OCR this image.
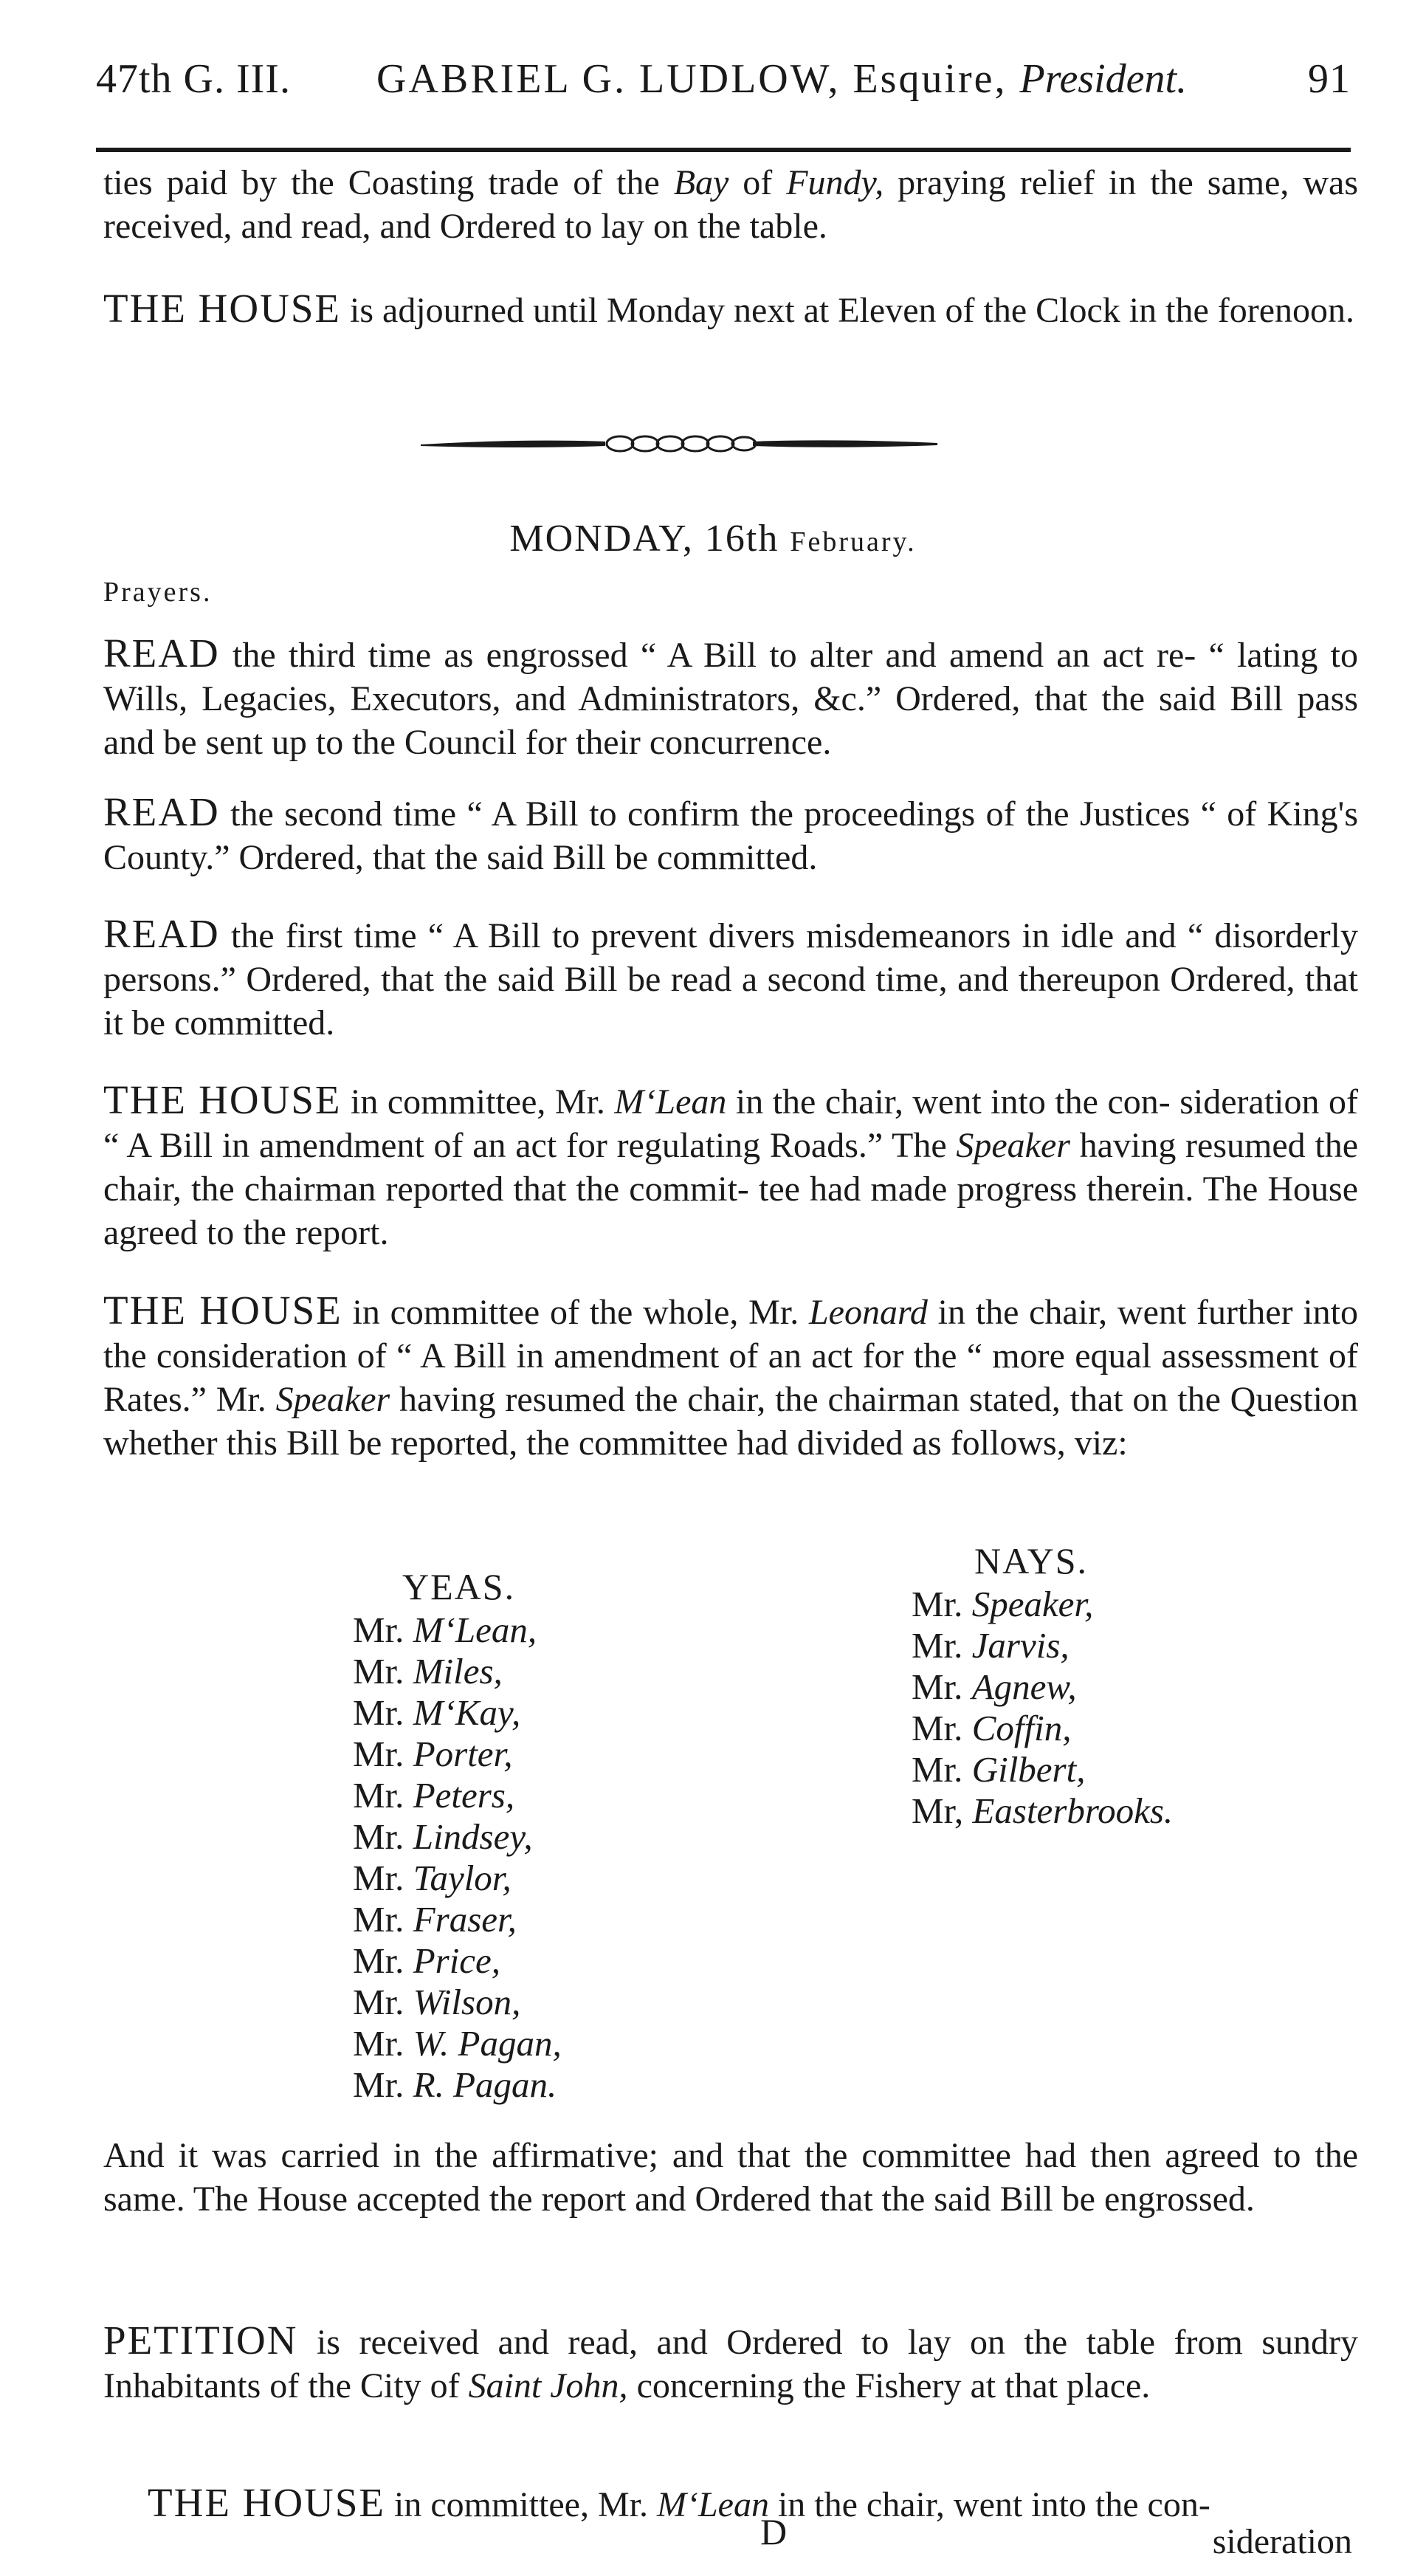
47th G. III. GABRIEL G. LUDLOW, Esquire, President.	91
ties paid by the Coasting trade of the Bay of Fundy, praying relief in the same, was received, and read, and Ordered to lay on the table.
THE HOUSE is adjourned until Monday next at Eleven of the Clock in the forenoon.
MONDAY, 16th February.
Prayers.
READ the third time as engrossed “ A Bill to alter and amend an act re- “ lating to Wills, Legacies, Executors, and Administrators, &c.” Ordered, that the said Bill pass and be sent up to the Council for their concurrence.
READ the second time “ A Bill to confirm the proceedings of the Justices “ of King's County.” Ordered, that the said Bill be committed.
READ the first time “ A Bill to prevent divers misdemeanors in idle and “ disorderly persons.” Ordered, that the said Bill be read a second time, and thereupon Ordered, that it be committed.
THE HOUSE in committee, Mr. M‘Lean in the chair, went into the con- sideration of “ A Bill in amendment of an act for regulating Roads.” The Speaker having resumed the chair, the chairman reported that the commit- tee had made progress therein. The House agreed to the report.
THE HOUSE in committee of the whole, Mr. Leonard in the chair, went further into the consideration of “ A Bill in amendment of an act for the “ more equal assessment of Rates.” Mr. Speaker having resumed the chair, the chairman stated, that on the Question whether this Bill be reported, the committee had divided as follows, viz:
YEAS.
NAYS.
Mr. M‘Lean,
Mr. Miles,
Mr. M‘Kay,
Mr. Porter,
Mr. Peters,
Mr. Lindsey,
Mr. Taylor,
Mr. Fraser,
Mr. Price,
Mr. Wilson,
Mr. W. Pagan,
Mr. R. Pagan.
Mr. Speaker,
Mr. Jarvis,
Mr. Agnew,
Mr. Coffin,
Mr. Gilbert,
Mr, Easterbrooks.
And it was carried in the affirmative; and that the committee had then agreed to the same. The House accepted the report and Ordered that the said Bill be engrossed.
PETITION is received and read, and Ordered to lay on the table from sundry Inhabitants of the City of Saint John, concerning the Fishery at that place.
THE HOUSE in committee, Mr. M‘Lean in the chair, went into the con-
D	sideration
